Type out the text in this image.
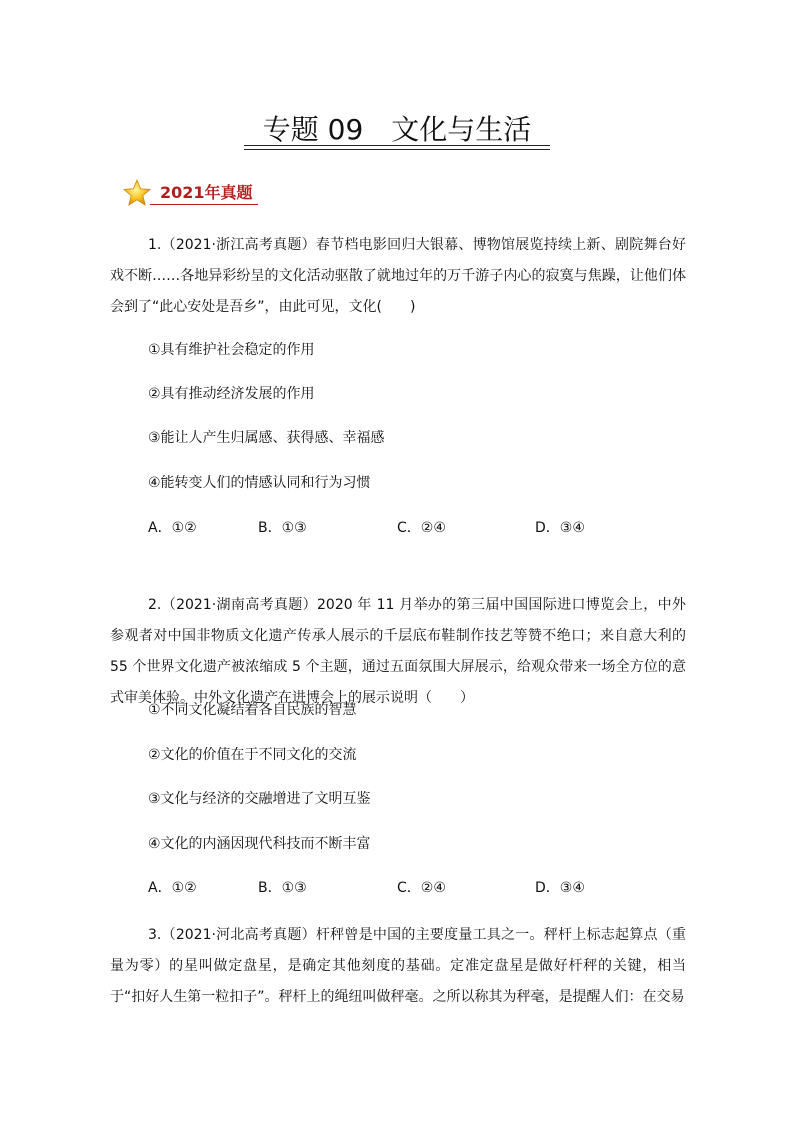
专题 09　文化与生活
2021年真题
1.（2021·浙江高考真题）春节档电影回归大银幕、博物馆展览持续上新、剧院舞台好戏不断……各地异彩纷呈的文化活动驱散了就地过年的万千游子内心的寂寞与焦躁，让他们体会到了“此心安处是吾乡”，由此可见，文化(　　)
①具有维护社会稳定的作用
②具有推动经济发展的作用
③能让人产生归属感、获得感、幸福感
④能转变人们的情感认同和行为习惯
A．①②	B．①③	C．②④	D．③④
2.（2021·湖南高考真题）2020 年 11 月举办的第三届中国国际进口博览会上，中外参观者对中国非物质文化遗产传承人展示的千层底布鞋制作技艺等赞不绝口；来自意大利的 55 个世界文化遗产被浓缩成 5 个主题，通过五面氛围大屏展示，给观众带来一场全方位的意式审美体验。中外文化遗产在进博会上的展示说明（　　）
①不同文化凝结着各自民族的智慧
②文化的价值在于不同文化的交流
③文化与经济的交融增进了文明互鉴
④文化的内涵因现代科技而不断丰富
A．①②	B．①③	C．②④	D．③④
3.（2021·河北高考真题）杆秤曾是中国的主要度量工具之一。秤杆上标志起算点（重量为零）的星叫做定盘星，是确定其他刻度的基础。定准定盘星是做好杆秤的关键，相当于“扣好人生第一粒扣子”。秤杆上的绳纽叫做秤毫。之所以称其为秤毫，是提醒人们：在交易
